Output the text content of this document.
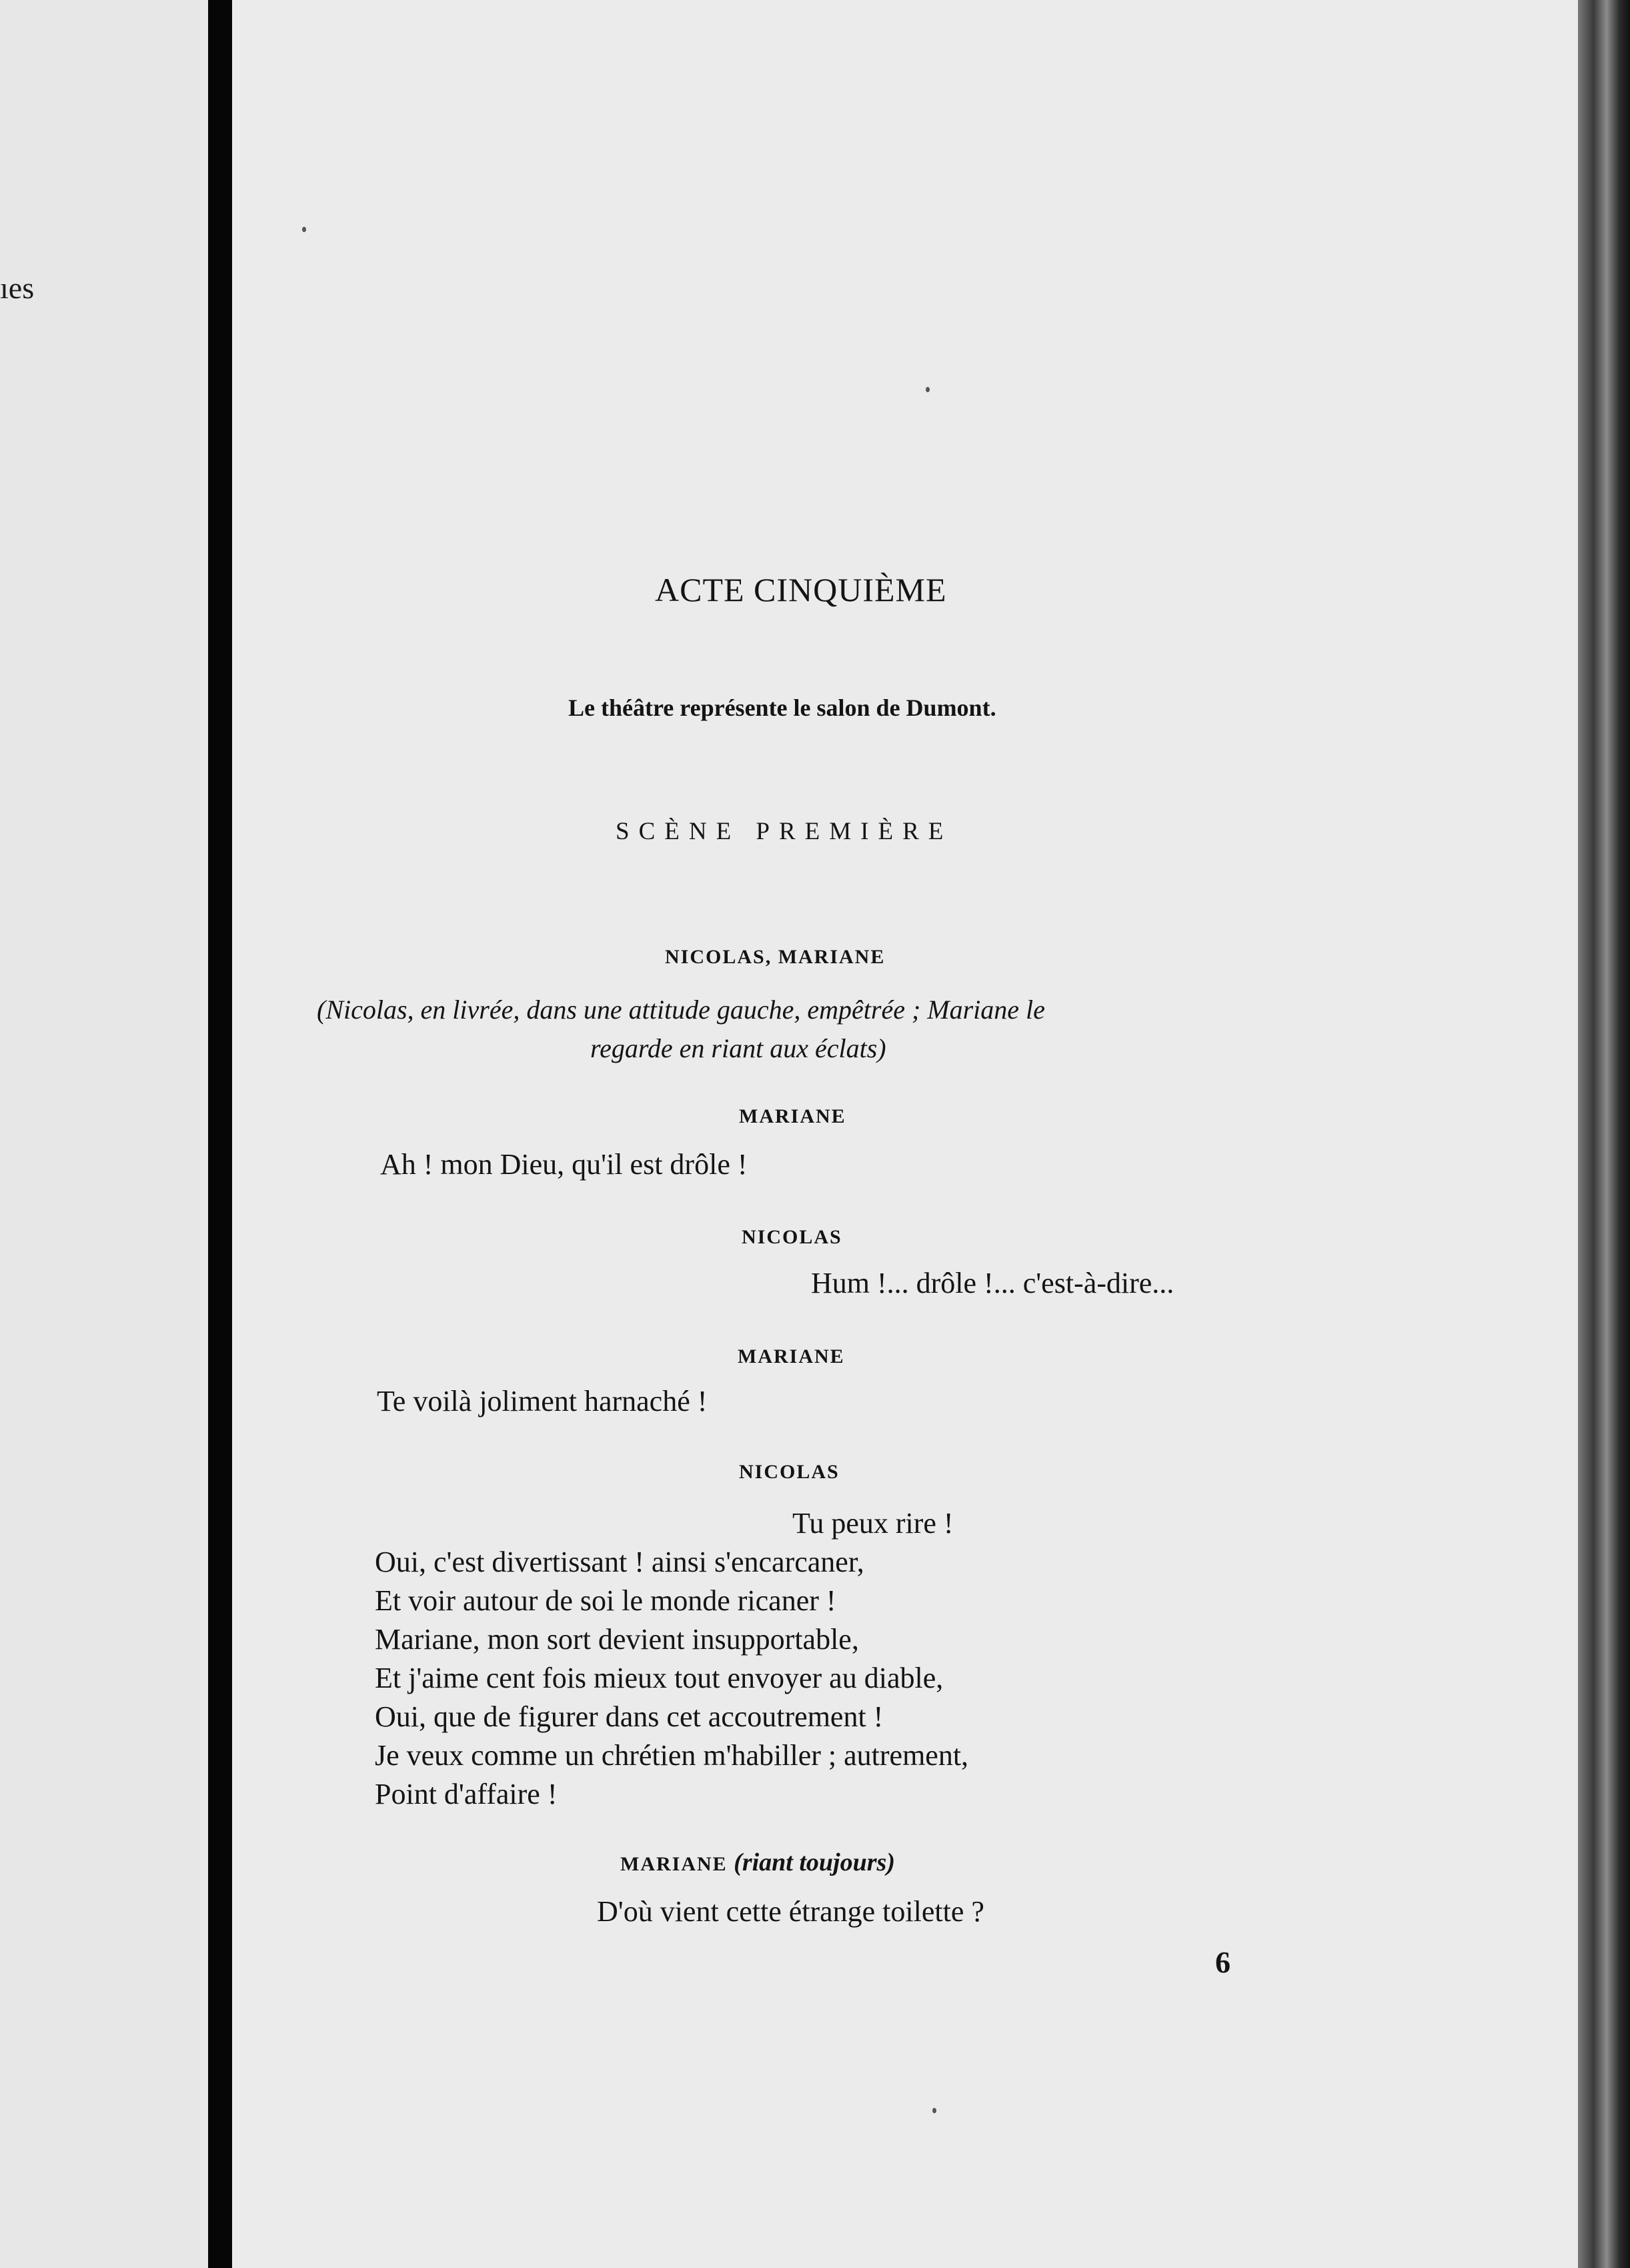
ıes
ACTE CINQUIÈME
Le théâtre représente le salon de Dumont.
SCÈNE PREMIÈRE
NICOLAS, MARIANE
(Nicolas, en livrée, dans une attitude gauche, empêtrée ; Mariane le
regarde en riant aux éclats)
MARIANE
Ah ! mon Dieu, qu'il est drôle !
NICOLAS
Hum !... drôle !... c'est-à-dire...
MARIANE
Te voilà joliment harnaché !
NICOLAS
Tu peux rire !
Oui, c'est divertissant ! ainsi s'encarcaner,
Et voir autour de soi le monde ricaner !
Mariane, mon sort devient insupportable,
Et j'aime cent fois mieux tout envoyer au diable,
Oui, que de figurer dans cet accoutrement !
Je veux comme un chrétien m'habiller ; autrement,
Point d'affaire !
MARIANE (riant toujours)
D'où vient cette étrange toilette ?
6
